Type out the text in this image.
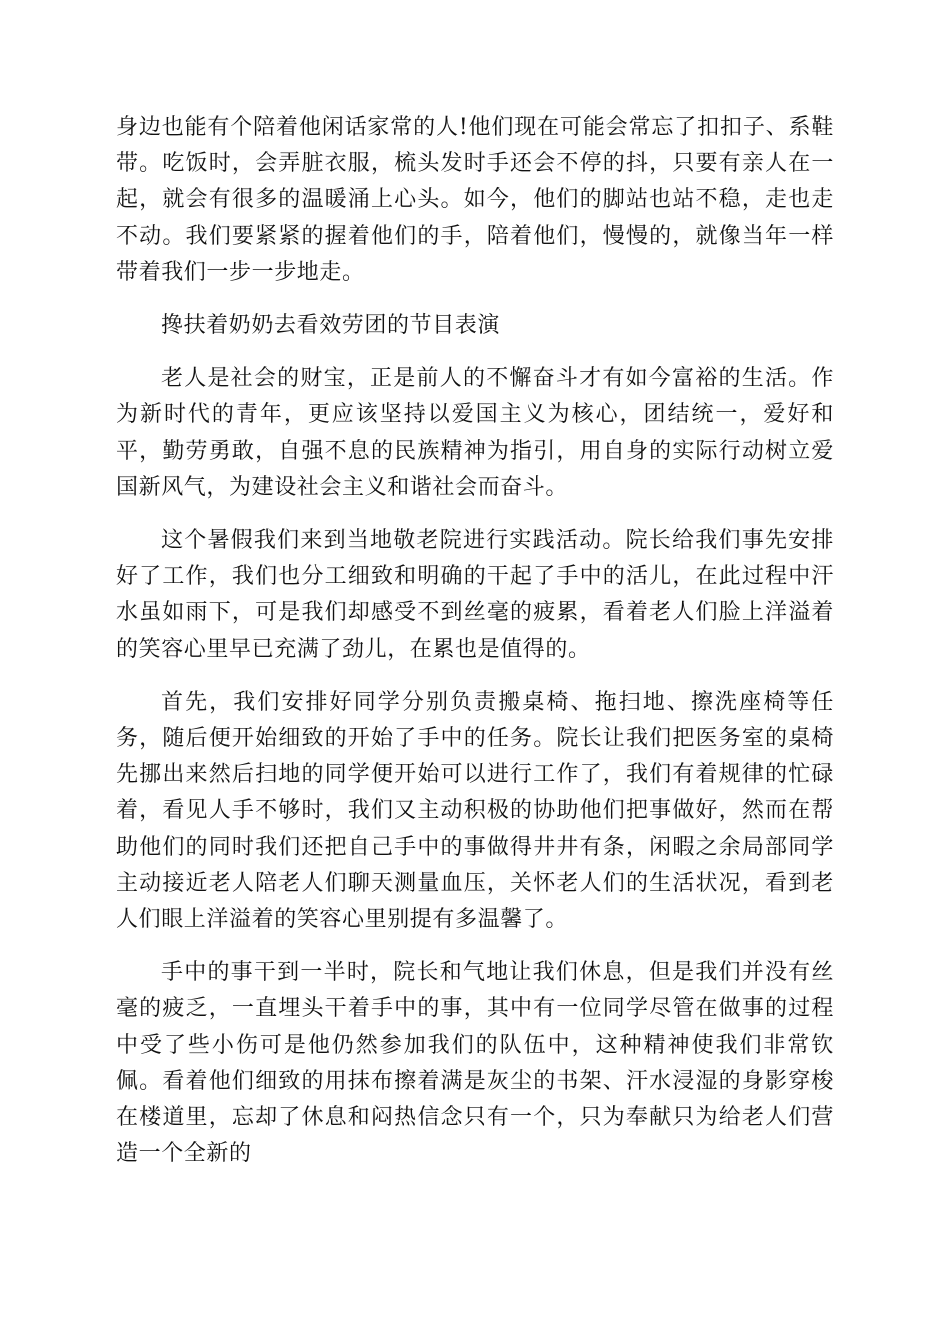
身边也能有个陪着他闲话家常的人!他们现在可能会常忘了扣扣子、系鞋带。吃饭时，会弄脏衣服，梳头发时手还会不停的抖，只要有亲人在一起，就会有很多的温暖涌上心头。如今，他们的脚站也站不稳，走也走不动。我们要紧紧的握着他们的手，陪着他们，慢慢的，就像当年一样带着我们一步一步地走。

搀扶着奶奶去看效劳团的节目表演

老人是社会的财宝，正是前人的不懈奋斗才有如今富裕的生活。作为新时代的青年，更应该坚持以爱国主义为核心，团结统一，爱好和平，勤劳勇敢，自强不息的民族精神为指引，用自身的实际行动树立爱国新风气，为建设社会主义和谐社会而奋斗。

这个暑假我们来到当地敬老院进行实践活动。院长给我们事先安排好了工作，我们也分工细致和明确的干起了手中的活儿，在此过程中汗水虽如雨下，可是我们却感受不到丝毫的疲累，看着老人们脸上洋溢着的笑容心里早已充满了劲儿，在累也是值得的。

首先，我们安排好同学分别负责搬桌椅、拖扫地、擦洗座椅等任务，随后便开始细致的开始了手中的任务。院长让我们把医务室的桌椅先挪出来然后扫地的同学便开始可以进行工作了，我们有着规律的忙碌着，看见人手不够时，我们又主动积极的协助他们把事做好，然而在帮助他们的同时我们还把自己手中的事做得井井有条，闲暇之余局部同学主动接近老人陪老人们聊天测量血压，关怀老人们的生活状况，看到老人们眼上洋溢着的笑容心里别提有多温馨了。

手中的事干到一半时，院长和气地让我们休息，但是我们并没有丝毫的疲乏，一直埋头干着手中的事，其中有一位同学尽管在做事的过程中受了些小伤可是他仍然参加我们的队伍中，这种精神使我们非常钦佩。看着他们细致的用抹布擦着满是灰尘的书架、汗水浸湿的身影穿梭在楼道里，忘却了休息和闷热信念只有一个，只为奉献只为给老人们营造一个全新的
